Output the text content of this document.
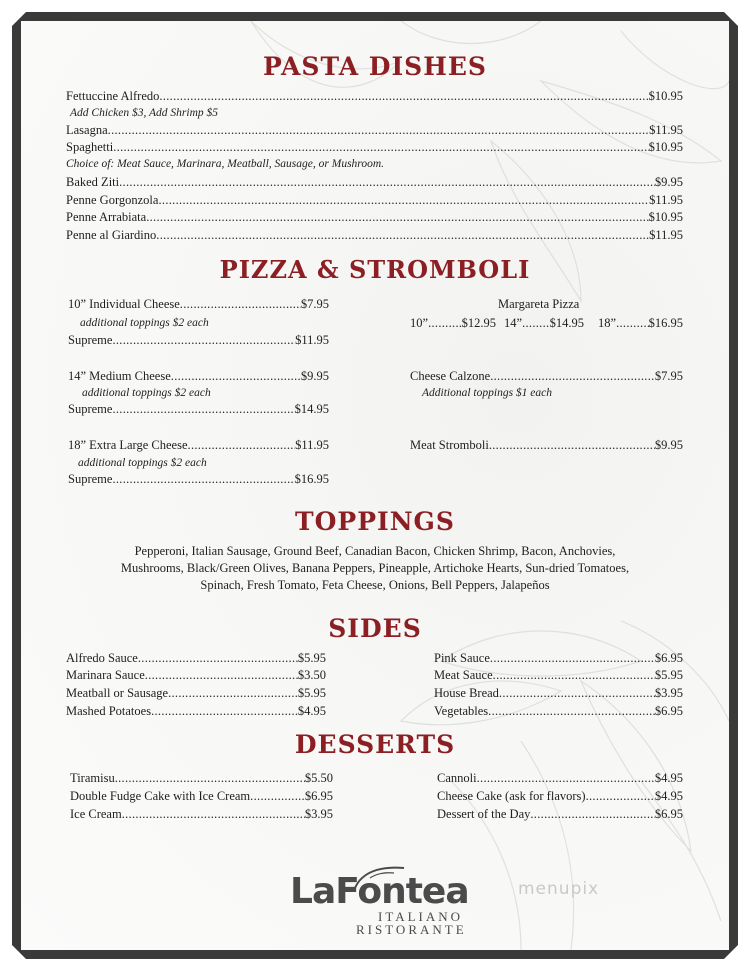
PASTA DISHES
Fettuccine Alfredo .....	$10.95
Add Chicken $3, Add Shrimp $5
Lasagna .....	$11.95
Spaghetti .....	$10.95
Choice of: Meat Sauce, Marinara, Meatball, Sausage, or Mushroom.
Baked Ziti .....	$9.95
Penne Gorgonzola .....	$11.95
Penne Arrabiata .....	$10.95
Penne al Giardino .....	$11.95
PIZZA & STROMBOLI
10” Individual Cheese .....	$7.95
additional toppings $2 each
Supreme .....	$11.95
14” Medium Cheese .....	$9.95
additional toppings $2 each
Supreme .....	$14.95
18” Extra Large Cheese .....	$11.95
additional toppings $2 each
Supreme .....	$16.95
Margareta Pizza
10” .....	$12.95 14” ..... $14.95 18” .....	$16.95
Cheese Calzone .....	$7.95
Additional toppings $1 each
Meat Stromboli .....	$9.95
TOPPINGS
Pepperoni, Italian Sausage, Ground Beef, Canadian Bacon, Chicken Shrimp, Bacon, Anchovies,
Mushrooms, Black/Green Olives, Banana Peppers, Pineapple, Artichoke Hearts, Sun-dried Tomatoes,
Spinach, Fresh Tomato, Feta Cheese, Onions, Bell Peppers, Jalapeños
SIDES
Alfredo Sauce .....	$5.95
Marinara Sauce .....	$3.50
Meatball or Sausage .....	$5.95
Mashed Potatoes .....	$4.95
Pink Sauce .....	$6.95
Meat Sauce .....	$5.95
House Bread .....	$3.95
Vegetables .....	$6.95
DESSERTS
Tiramisu .....	$5.50
Double Fudge Cake with Ice Cream .....	$6.95
Ice Cream .....	$3.95
Cannoli .....	$4.95
Cheese Cake (ask for flavors) .....	$4.95
Dessert of the Day .....	$6.95
LaFontea
ITALIANO
RISTORANTE
menupix
